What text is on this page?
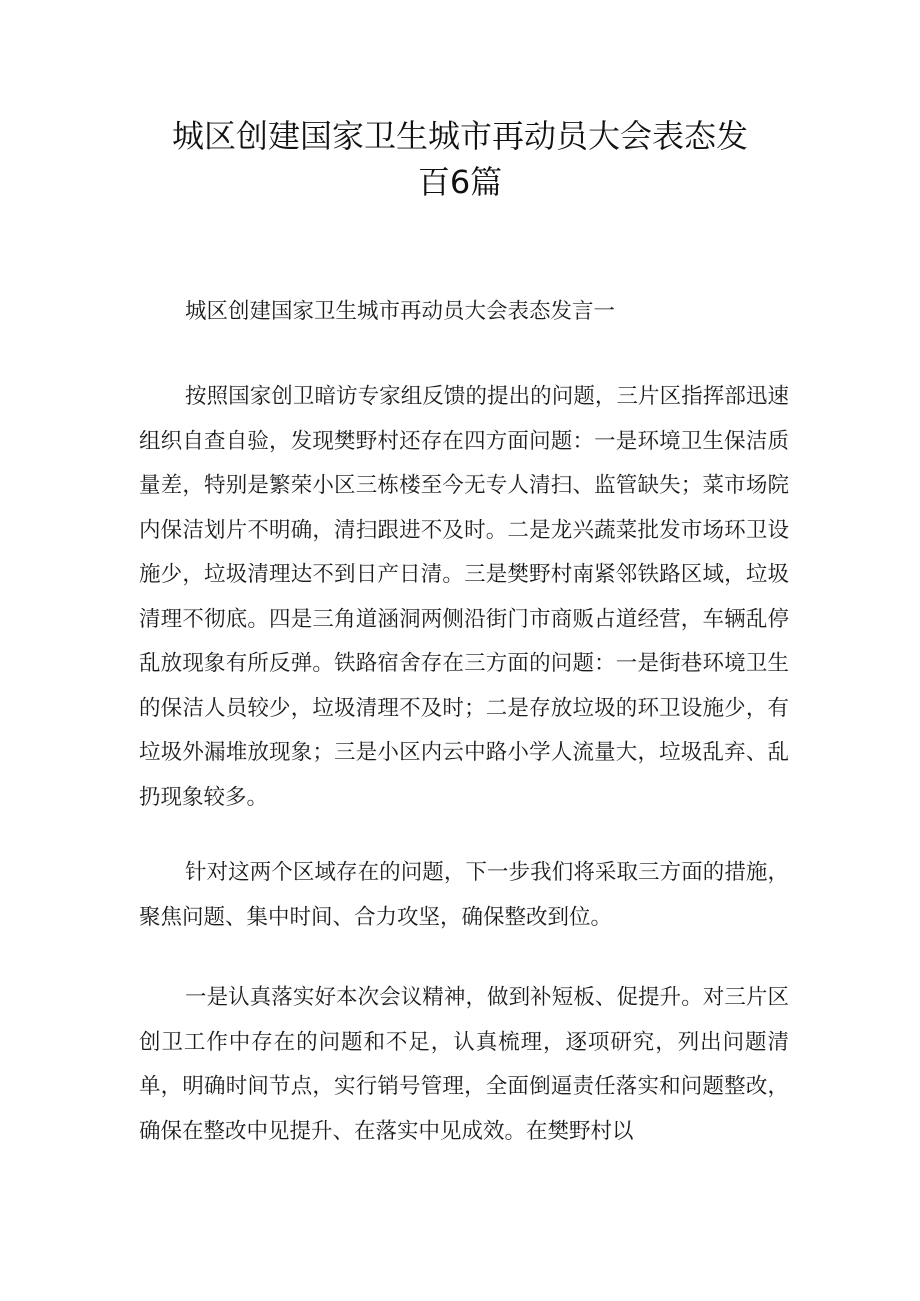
城区创建国家卫生城市再动员大会表态发
百6篇

城区创建国家卫生城市再动员大会表态发言一

按照国家创卫暗访专家组反馈的提出的问题，三片区指挥部迅速组织自查自验，发现樊野村还存在四方面问题：一是环境卫生保洁质量差，特别是繁荣小区三栋楼至今无专人清扫、监管缺失；菜市场院内保洁划片不明确，清扫跟进不及时。二是龙兴蔬菜批发市场环卫设施少，垃圾清理达不到日产日清。三是樊野村南紧邻铁路区域，垃圾清理不彻底。四是三角道涵洞两侧沿街门市商贩占道经营，车辆乱停乱放现象有所反弹。铁路宿舍存在三方面的问题：一是街巷环境卫生的保洁人员较少，垃圾清理不及时；二是存放垃圾的环卫设施少，有垃圾外漏堆放现象；三是小区内云中路小学人流量大，垃圾乱弃、乱扔现象较多。

针对这两个区域存在的问题，下一步我们将采取三方面的措施，聚焦问题、集中时间、合力攻坚，确保整改到位。

一是认真落实好本次会议精神，做到补短板、促提升。对三片区创卫工作中存在的问题和不足，认真梳理，逐项研究，列出问题清单，明确时间节点，实行销号管理，全面倒逼责任落实和问题整改，确保在整改中见提升、在落实中见成效。在樊野村以
